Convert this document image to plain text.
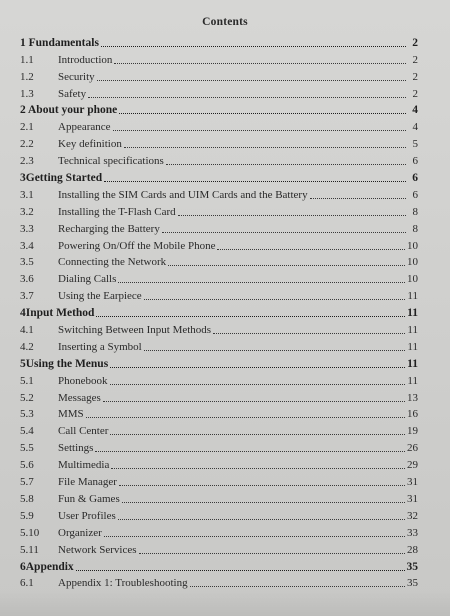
Contents
1 Fundamentals	2
1.1	Introduction	2
1.2	Security	2
1.3	Safety	2
2 About your phone	4
2.1	Appearance	4
2.2	Key definition	5
2.3	Technical specifications	6
3Getting Started	6
3.1	Installing the SIM Cards and UIM Cards and the Battery	6
3.2	Installing the T-Flash Card	8
3.3	Recharging the Battery	8
3.4	Powering On/Off the Mobile Phone	10
3.5	Connecting the Network	10
3.6	Dialing Calls	10
3.7	Using the Earpiece	11
4Input Method	11
4.1	Switching Between Input Methods	11
4.2	Inserting a Symbol	11
5Using the Menus	11
5.1	Phonebook	11
5.2	Messages	13
5.3	MMS	16
5.4	Call Center	19
5.5	Settings	26
5.6	Multimedia	29
5.7	File Manager	31
5.8	Fun & Games	31
5.9	User Profiles	32
5.10	Organizer	33
5.11	Network Services	28
6Appendix	35
6.1	Appendix 1: Troubleshooting	35
